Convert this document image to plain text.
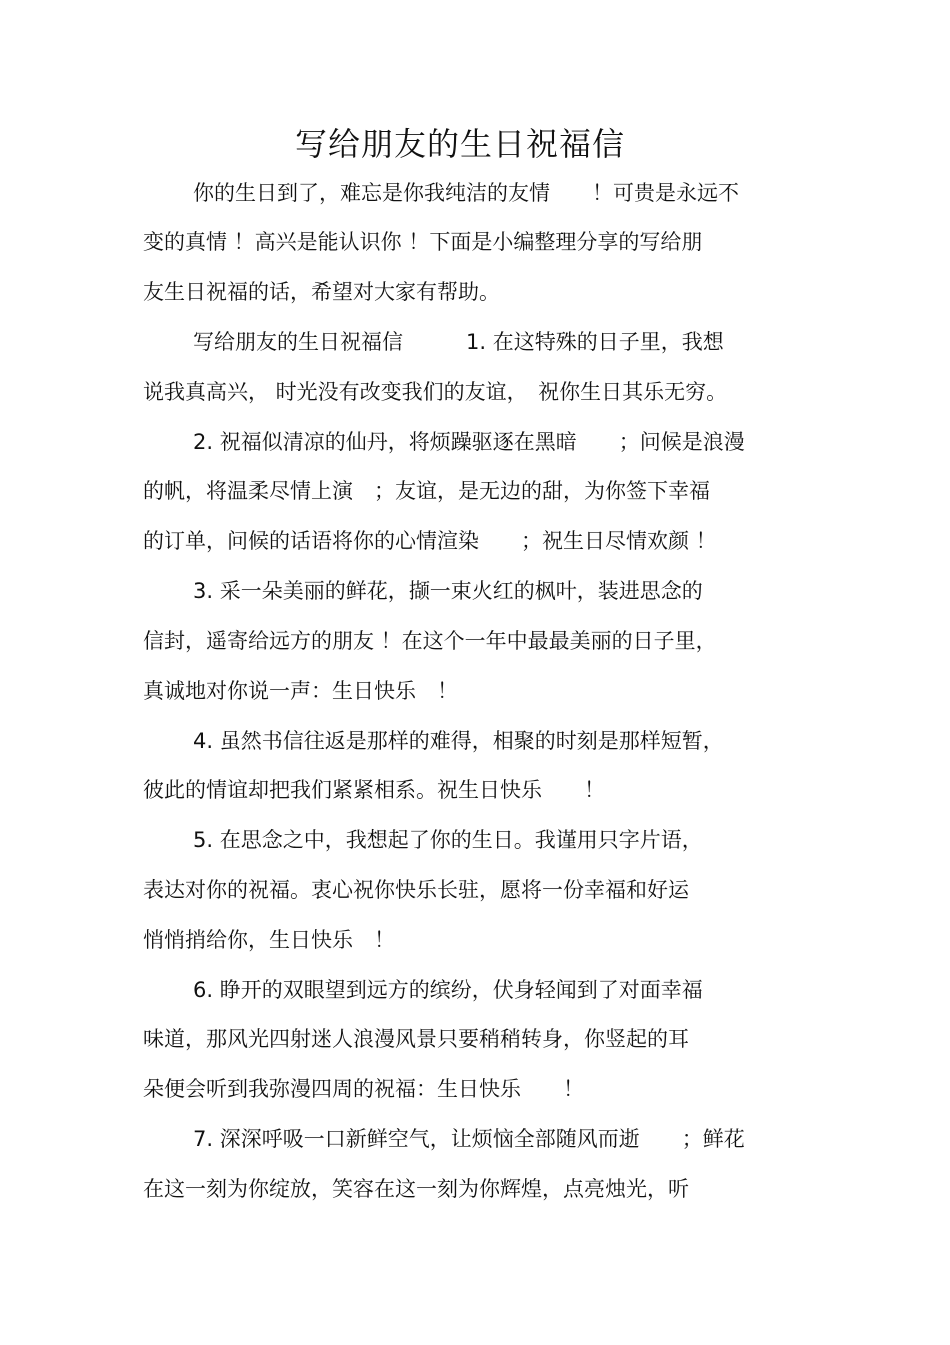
写给朋友的生日祝福信
你的生日到了，难忘是你我纯洁的友情　　！可贵是永远不
变的真情 ！高兴是能认识你 ！下面是小编整理分享的写给朋
友生日祝福的话，希望对大家有帮助。
写给朋友的生日祝福信　　　1. 在这特殊的日子里，我想
说我真高兴， 时光没有改变我们的友谊，　祝你生日其乐无穷。
2. 祝福似清凉的仙丹，将烦躁驱逐在黑暗　　；问候是浪漫
的帆，将温柔尽情上演　；友谊，是无边的甜，为你签下幸福
的订单，问候的话语将你的心情渲染　　；祝生日尽情欢颜 ！
3. 采一朵美丽的鲜花，撷一束火红的枫叶，装进思念的
信封，遥寄给远方的朋友 ！在这个一年中最最美丽的日子里，
真诚地对你说一声：生日快乐　！
4. 虽然书信往返是那样的难得，相聚的时刻是那样短暂，
彼此的情谊却把我们紧紧相系。祝生日快乐　　！
5. 在思念之中，我想起了你的生日。我谨用只字片语，
表达对你的祝福。衷心祝你快乐长驻，愿将一份幸福和好运
悄悄捎给你，生日快乐　！
6. 睁开的双眼望到远方的缤纷，伏身轻闻到了对面幸福
味道，那风光四射迷人浪漫风景只要稍稍转身，你竖起的耳
朵便会听到我弥漫四周的祝福：生日快乐　　！
7. 深深呼吸一口新鲜空气，让烦恼全部随风而逝　　；鲜花
在这一刻为你绽放，笑容在这一刻为你辉煌，点亮烛光，听
